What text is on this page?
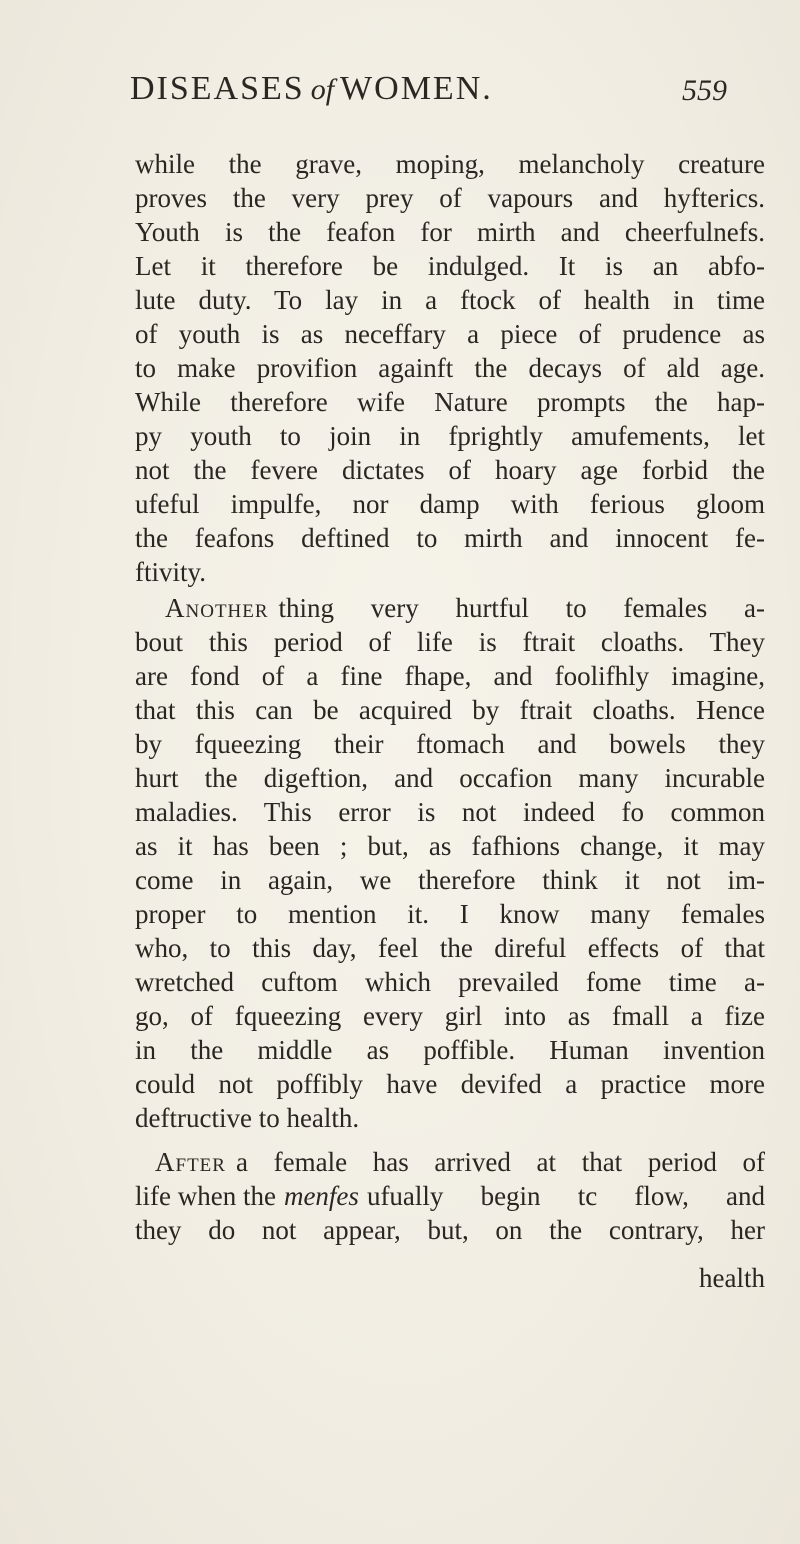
DISEASES of WOMEN.	559
while the grave, moping, melancholy creature
proves the very prey of vapours and hyfterics.
Youth is the feafon for mirth and cheerfulnefs.
Let it therefore be indulged. It is an abfo-
lute duty. To lay in a ftock of health in time
of youth is as neceffary a piece of prudence as
to make provifion againft the decays of ald age.
While therefore wife Nature prompts the hap-
py youth to join in fprightly amufements, let
not the fevere dictates of hoary age forbid the
ufeful impulfe, nor damp with ferious gloom
the feafons deftined to mirth and innocent fe-
ftivity.
Another thing very hurtful to females a-
bout this period of life is ftrait cloaths. They
are fond of a fine fhape, and foolifhly imagine,
that this can be acquired by ftrait cloaths. Hence
by fqueezing their ftomach and bowels they
hurt the digeftion, and occafion many incurable
maladies. This error is not indeed fo common
as it has been ; but, as fafhions change, it may
come in again, we therefore think it not im-
proper to mention it. I know many females
who, to this day, feel the direful effects of that
wretched cuftom which prevailed fome time a-
go, of fqueezing every girl into as fmall a fize
in the middle as poffible. Human invention
could not poffibly have devifed a practice more
deftructive to health.
After a female has arrived at that period of
life when the menfes ufually begin tc flow, and
they do not appear, but, on the contrary, her
health
